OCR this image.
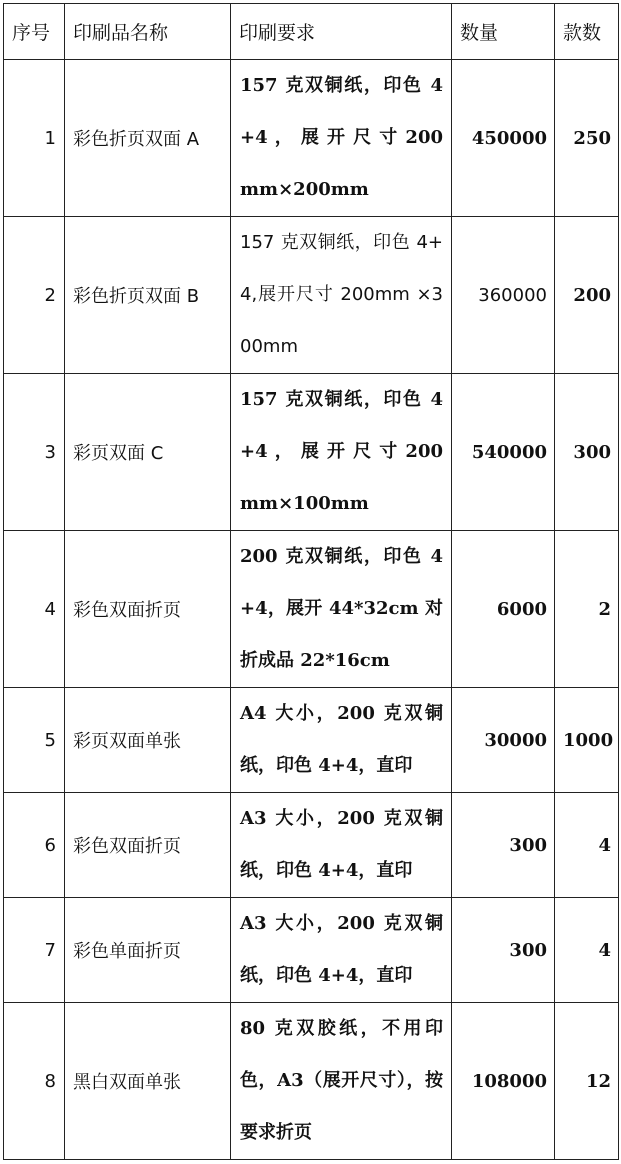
序号	印刷品名称	印刷要求	数量	款数
1	彩色折页双面 A	157 克双铜纸，印色 4+4 ， 展 开 尺 寸 200mm×200mm	450000	250
2	彩色折页双面 B	157 克双铜纸，印色 4+4,展开尺寸 200mm ×300mm	360000	200
3	彩页双面 C	157 克双铜纸，印色 4+4 ， 展 开 尺 寸 200mm×100mm	540000	300
4	彩色双面折页	200 克双铜纸，印色 4+4，展开 44*32cm 对折成品 22*16cm	6000	2
5	彩页双面单张	A4 大小，200 克双铜纸，印色 4+4，直印	30000	1000
6	彩色双面折页	A3 大小，200 克双铜纸，印色 4+4，直印	300	4
7	彩色单面折页	A3 大小，200 克双铜纸，印色 4+4，直印	300	4
8	黑白双面单张	80 克双胶纸，不用印色，A3（展开尺寸），按要求折页	108000	12
